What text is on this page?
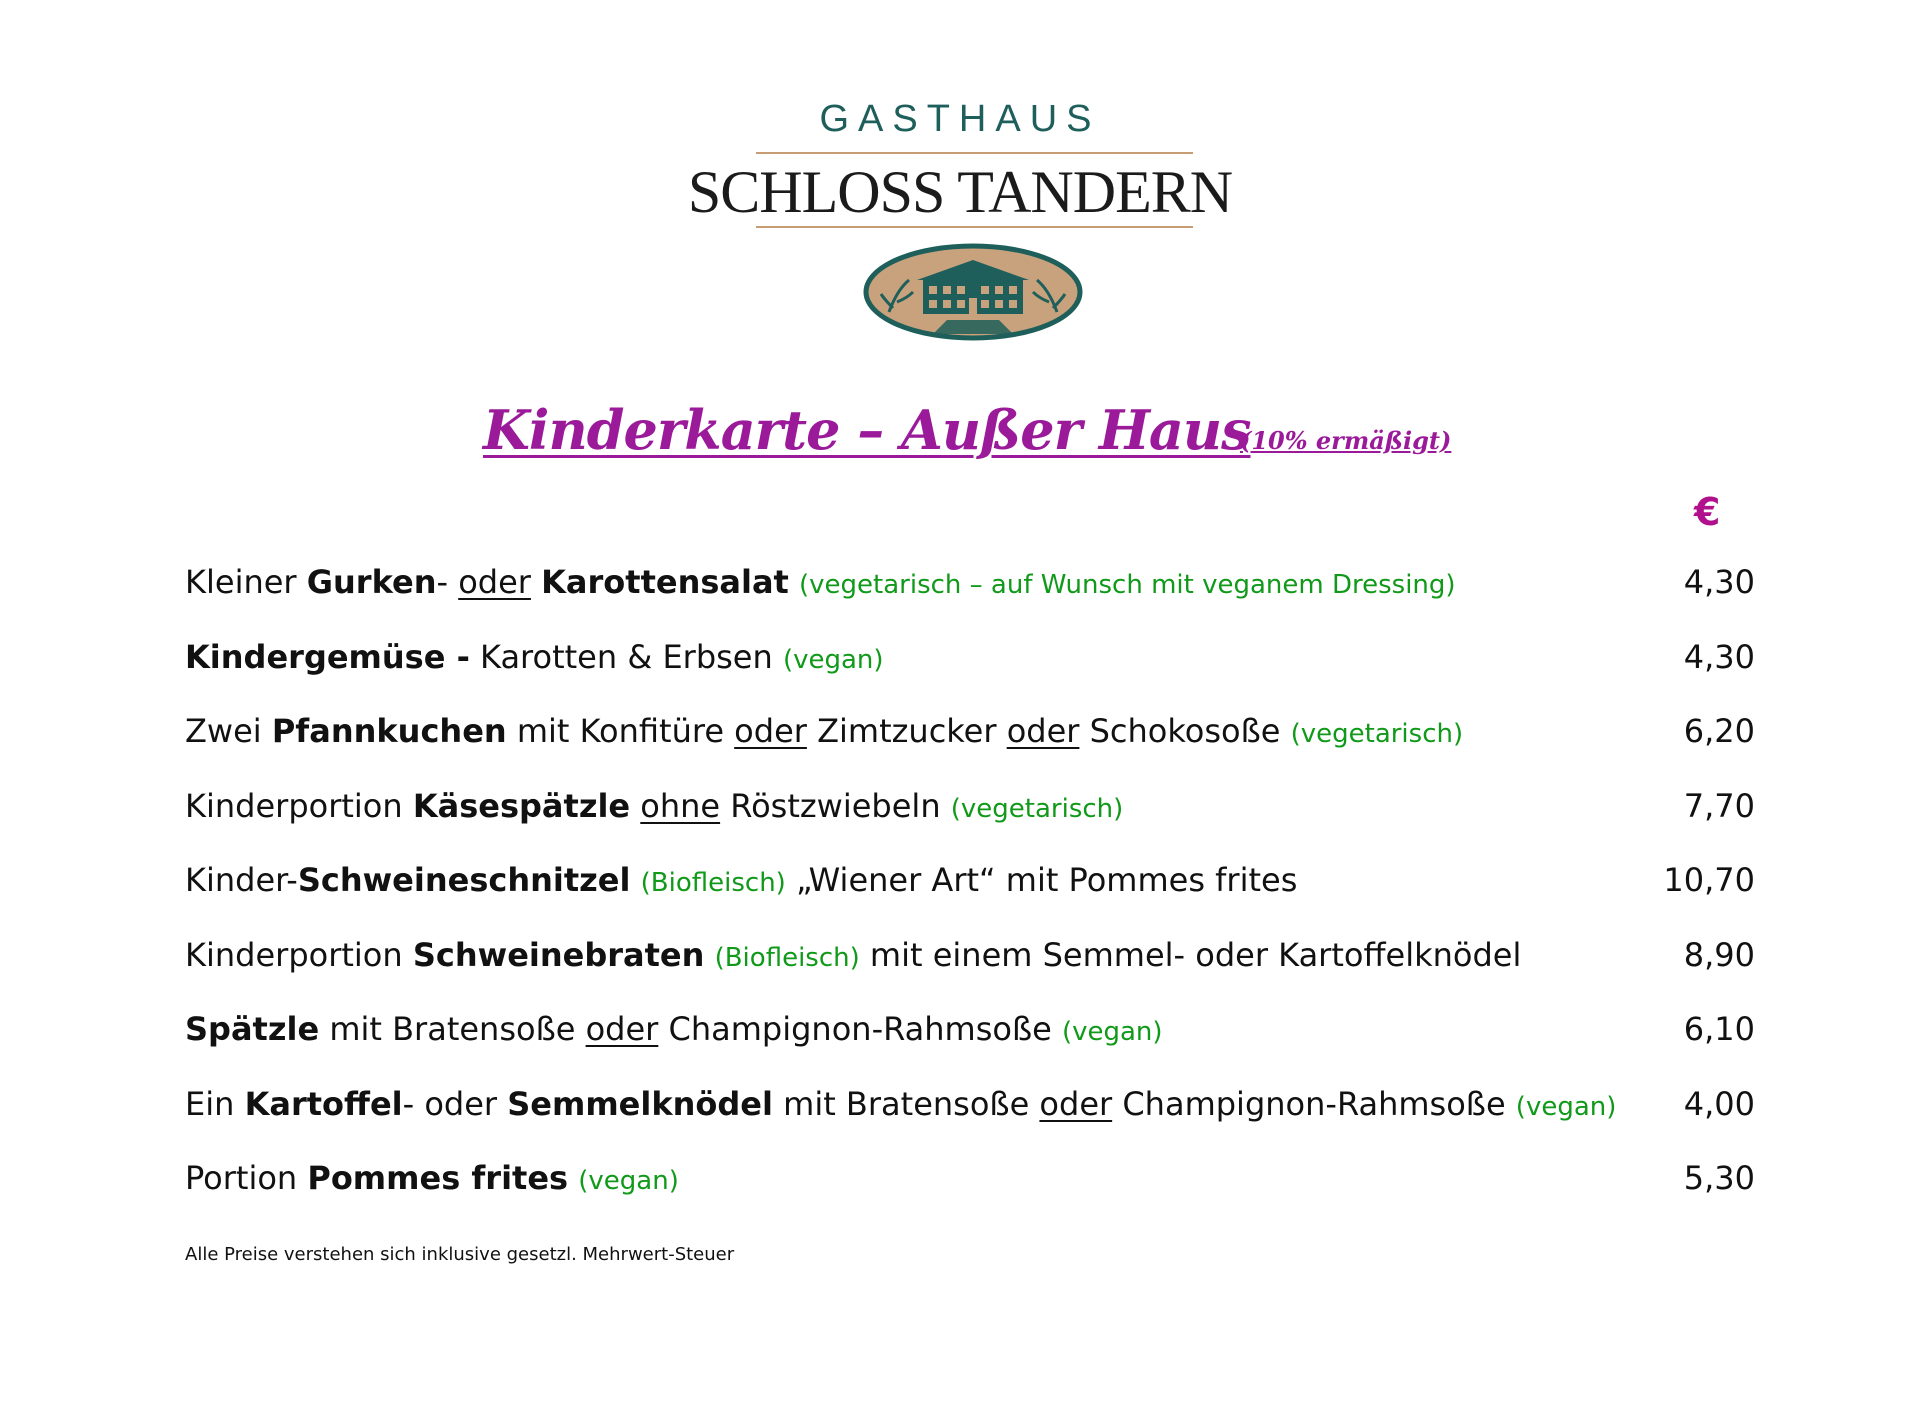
GASTHAUS
SCHLOSS TANDERN
Kinderkarte – Außer Haus
(10% ermäßigt)
€
Kleiner Gurken- oder Karottensalat (vegetarisch – auf Wunsch mit veganem Dressing)	4,30
Kindergemüse - Karotten & Erbsen (vegan)	4,30
Zwei Pfannkuchen mit Konfitüre oder Zimtzucker oder Schokosoße (vegetarisch)	6,20
Kinderportion Käsespätzle ohne Röstzwiebeln (vegetarisch)	7,70
Kinder-Schweineschnitzel (Biofleisch) „Wiener Art“ mit Pommes frites	10,70
Kinderportion Schweinebraten (Biofleisch) mit einem Semmel- oder Kartoffelknödel	8,90
Spätzle mit Bratensoße oder Champignon-Rahmsoße (vegan)	6,10
Ein Kartoffel- oder Semmelknödel mit Bratensoße oder Champignon-Rahmsoße (vegan)	4,00
Portion Pommes frites (vegan)	5,30
Alle Preise verstehen sich inklusive gesetzl. Mehrwert-Steuer
